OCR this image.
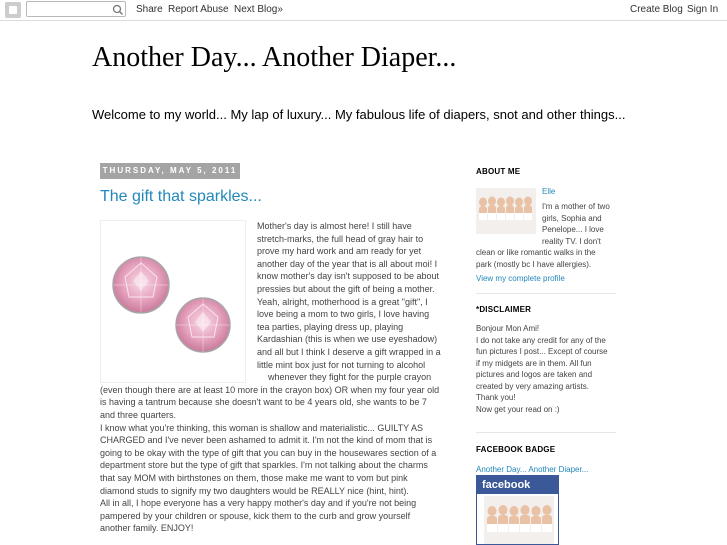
Share Report Abuse Next Blog»	Create Blog Sign In
Another Day... Another Diaper...
Welcome to my world... My lap of luxury... My fabulous life of diapers, snot and other things...
THURSDAY, MAY 5, 2011
The gift that sparkles...
Mother's day is almost here! I still have
stretch-marks, the full head of gray hair to
prove my hard work and am ready for yet
another day of the year that is all about moi! I
know mother's day isn't supposed to be about
pressies but about the gift of being a mother.
Yeah, alright, motherhood is a great "gift", I
love being a mom to two girls, I love having
tea parties, playing dress up, playing
Kardashian (this is when we use eyeshadow)
and all but I think I deserve a gift wrapped in a
little mint box just for not turning to alcohol
whenever they fight for the purple crayon
(even though there are at least 10 more in the crayon box) OR when my four year old
is having a tantrum because she doesn't want to be 4 years old, she wants to be 7
and three quarters.
I know what you're thinking, this woman is shallow and materialistic... GUILTY AS
CHARGED and I've never been ashamed to admit it. I'm not the kind of mom that is
going to be okay with the type of gift that you can buy in the housewares section of a
department store but the type of gift that sparkles. I'm not talking about the charms
that say MOM with birthstones on them, those make me want to vom but pink
diamond studs to signify my two daughters would be REALLY nice (hint, hint).
All in all, I hope everyone has a very happy mother's day and if you're not being
pampered by your children or spouse, kick them to the curb and grow yourself
another family. ENJOY!
ABOUT ME
Elle
I'm a mother of two
girls, Sophia and
Penelope... I love
reality TV. I don't
clean or like romantic walks in the
park (mostly bc I have allergies).
View my complete profile
*DISCLAIMER
Bonjour Mon Ami!
I do not take any credit for any of the
fun pictures I post... Except of course
if my midgets are in them. All fun
pictures and logos are taken and
created by very amazing artists.
Thank you!
Now get your read on :)
FACEBOOK BADGE
Another Day... Another Diaper...
facebook
